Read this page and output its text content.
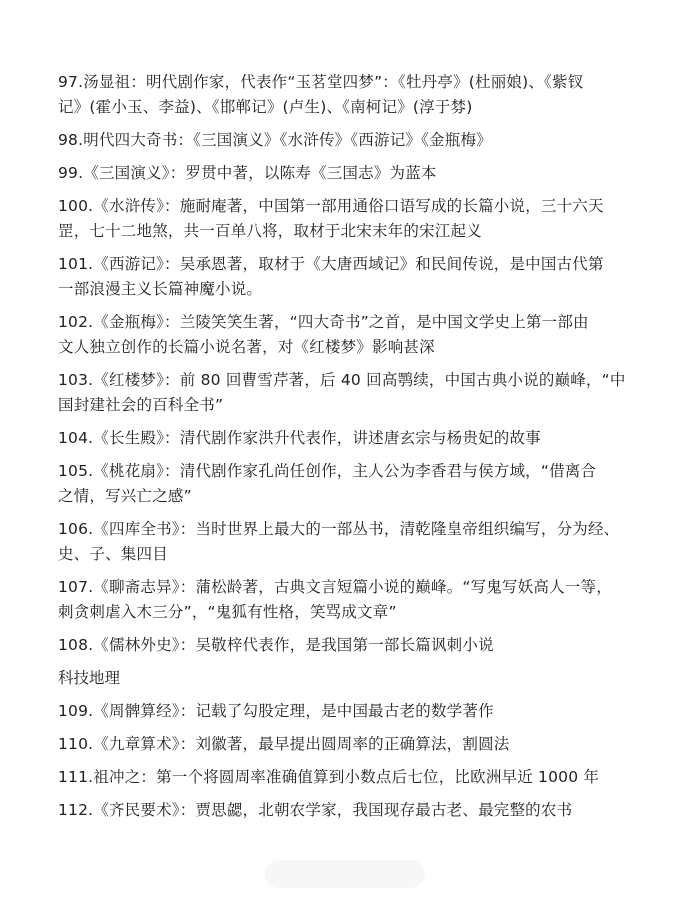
97.汤显祖：明代剧作家，代表作“玉茗堂四梦”：《牡丹亭》(杜丽娘)、《紫钗
记》(霍小玉、李益)、《邯郸记》(卢生)、《南柯记》(淳于棼)
98.明代四大奇书：《三国演义》《水浒传》《西游记》《金瓶梅》
99.《三国演义》：罗贯中著，以陈寿《三国志》为蓝本
100.《水浒传》：施耐庵著，中国第一部用通俗口语写成的长篇小说，三十六天
罡，七十二地煞，共一百单八将，取材于北宋末年的宋江起义
101.《西游记》：吴承恩著，取材于《大唐西域记》和民间传说，是中国古代第
一部浪漫主义长篇神魔小说。
102.《金瓶梅》：兰陵笑笑生著，“四大奇书”之首，是中国文学史上第一部由
文人独立创作的长篇小说名著，对《红楼梦》影响甚深
103.《红楼梦》：前 80 回曹雪芹著，后 40 回高鹗续，中国古典小说的巅峰，“中
国封建社会的百科全书”
104.《长生殿》：清代剧作家洪升代表作，讲述唐玄宗与杨贵妃的故事
105.《桃花扇》：清代剧作家孔尚任创作，主人公为李香君与侯方域，“借离合
之情，写兴亡之感”
106.《四库全书》：当时世界上最大的一部丛书，清乾隆皇帝组织编写，分为经、
史、子、集四目
107.《聊斋志异》：蒲松龄著，古典文言短篇小说的巅峰。“写鬼写妖高人一等，
刺贪刺虐入木三分”，“鬼狐有性格，笑骂成文章”
108.《儒林外史》：吴敬梓代表作，是我国第一部长篇讽刺小说
科技地理
109.《周髀算经》：记载了勾股定理，是中国最古老的数学著作
110.《九章算术》：刘徽著，最早提出圆周率的正确算法，割圆法
111.祖冲之：第一个将圆周率准确值算到小数点后七位，比欧洲早近 1000 年
112.《齐民要术》：贾思勰，北朝农学家，我国现存最古老、最完整的农书
